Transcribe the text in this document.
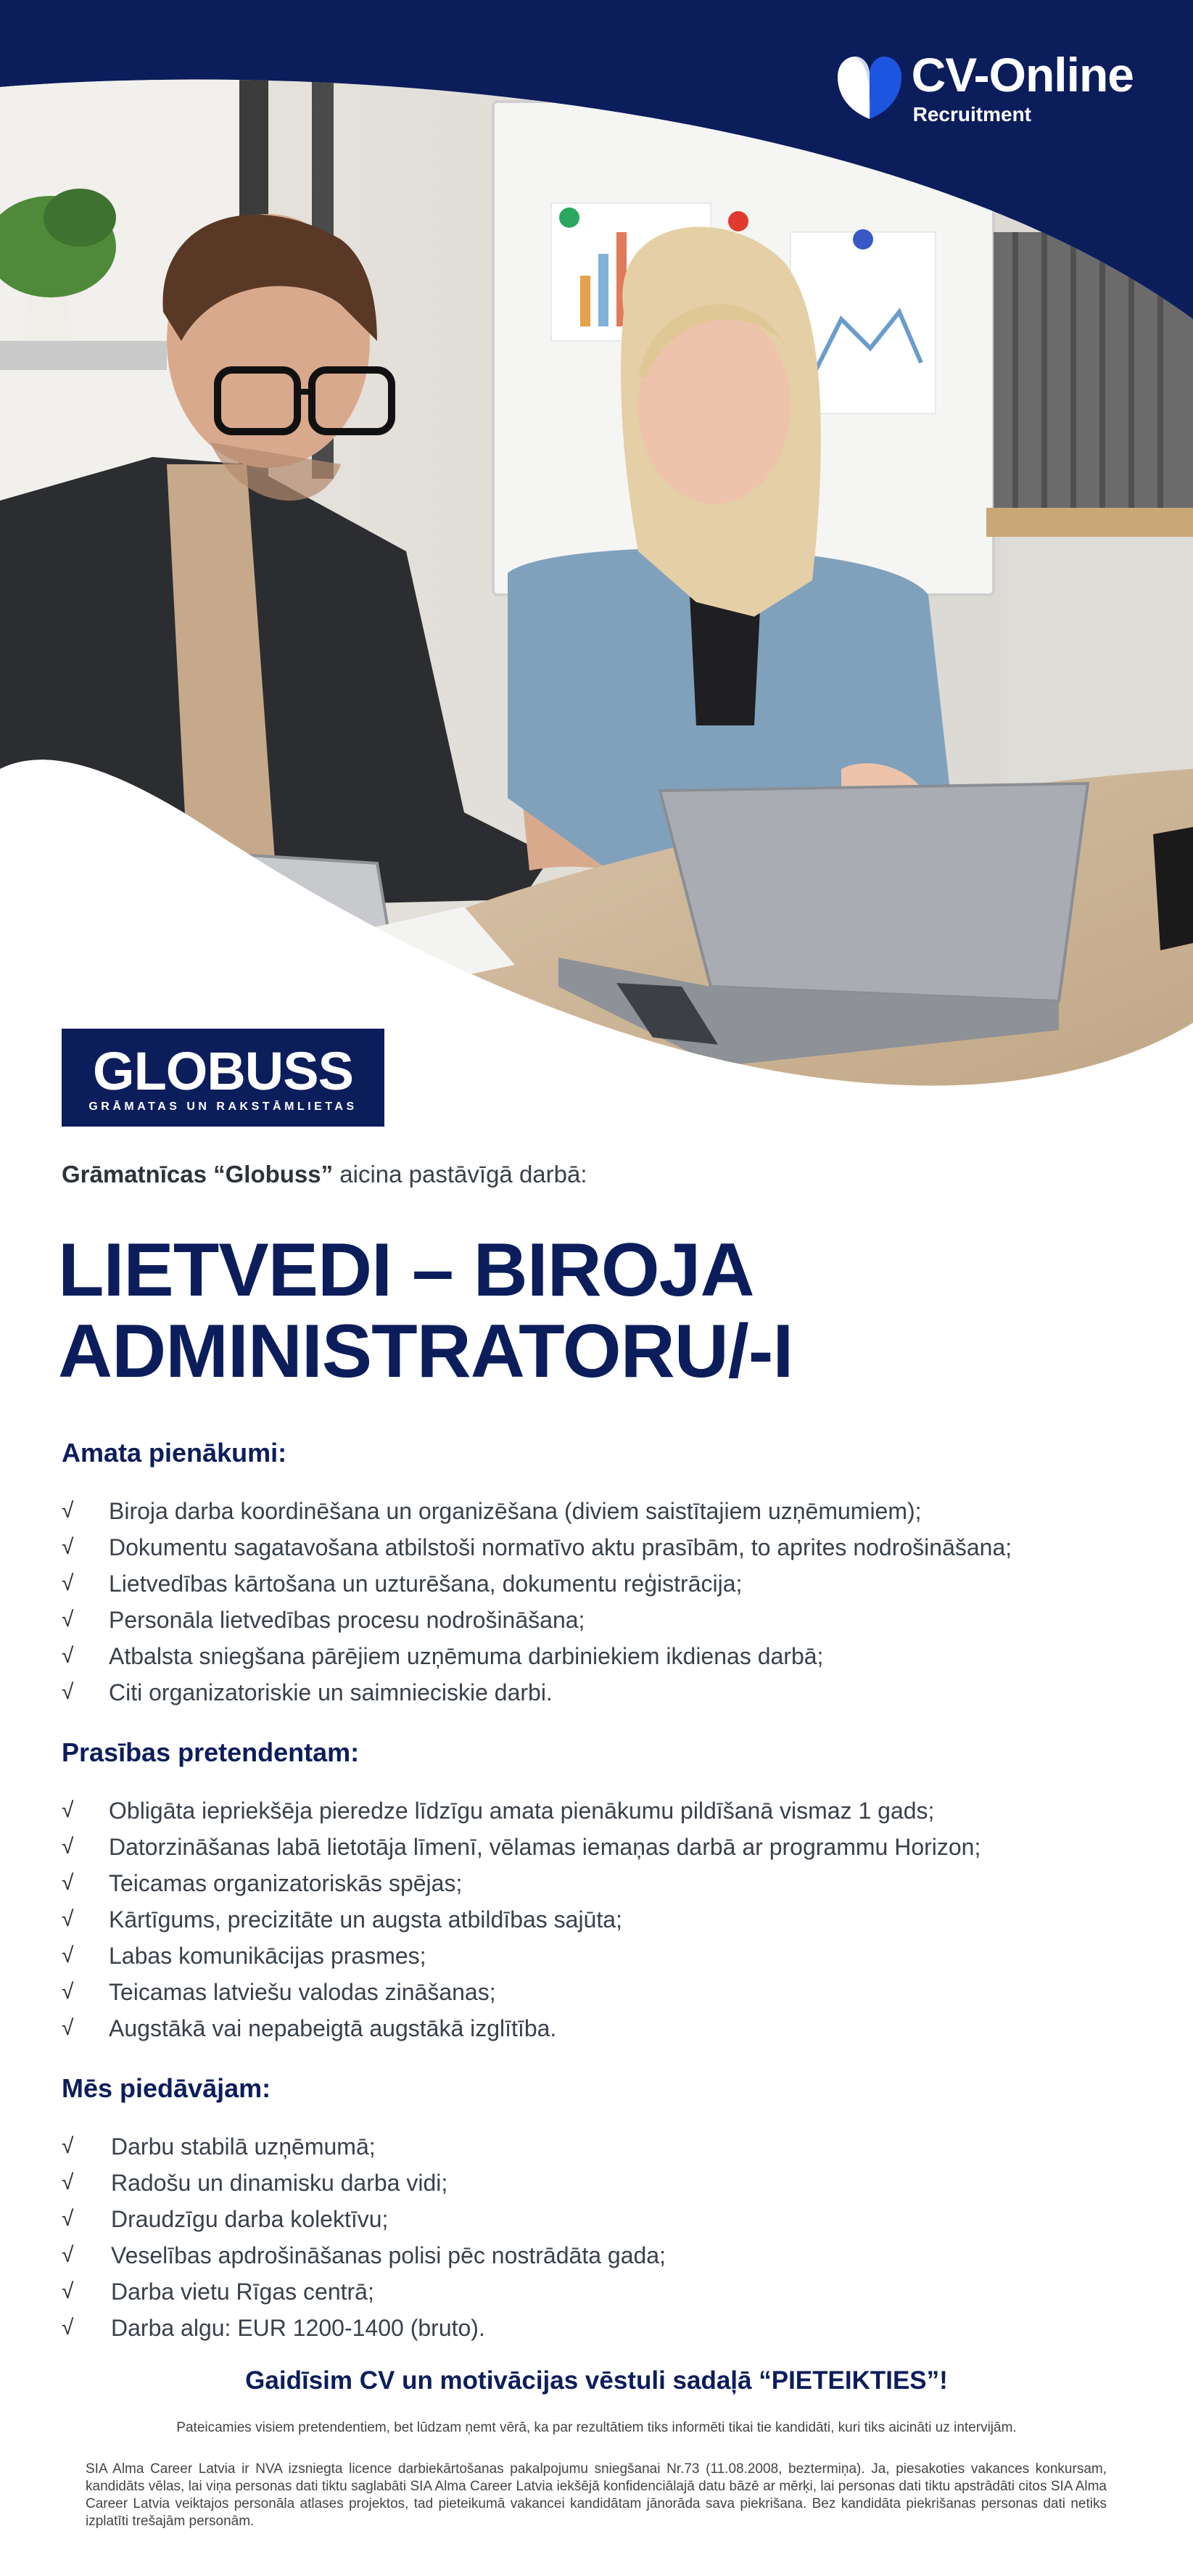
CV-Online
Recruitment
GLOBUSS
GRĀMATAS UN RAKSTĀMLIETAS
Grāmatnīcas “Globuss” aicina pastāvīgā darbā:
LIETVEDI – BIROJA
ADMINISTRATORU/-I
Amata pienākumi:
√ Biroja darba koordinēšana un organizēšana (diviem saistītajiem uzņēmumiem);
√ Dokumentu sagatavošana atbilstoši normatīvo aktu prasībām, to aprites nodrošināšana;
√ Lietvedības kārtošana un uzturēšana, dokumentu reģistrācija;
√ Personāla lietvedības procesu nodrošināšana;
√ Atbalsta sniegšana pārējiem uzņēmuma darbiniekiem ikdienas darbā;
√ Citi organizatoriskie un saimnieciskie darbi.
Prasības pretendentam:
√ Obligāta iepriekšēja pieredze līdzīgu amata pienākumu pildīšanā vismaz 1 gads;
√ Datorzināšanas labā lietotāja līmenī, vēlamas iemaņas darbā ar programmu Horizon;
√ Teicamas organizatoriskās spējas;
√ Kārtīgums, precizitāte un augsta atbildības sajūta;
√ Labas komunikācijas prasmes;
√ Teicamas latviešu valodas zināšanas;
√ Augstākā vai nepabeigtā augstākā izglītība.
Mēs piedāvājam:
√ Darbu stabilā uzņēmumā;
√ Radošu un dinamisku darba vidi;
√ Draudzīgu darba kolektīvu;
√ Veselības apdrošināšanas polisi pēc nostrādāta gada;
√ Darba vietu Rīgas centrā;
√ Darba algu: EUR 1200-1400 (bruto).
Gaidīsim CV un motivācijas vēstuli sadaļā “PIETEIKTIES”!
Pateicamies visiem pretendentiem, bet lūdzam ņemt vērā, ka par rezultātiem tiks informēti tikai tie kandidāti, kuri tiks aicināti uz intervijām.
SIA Alma Career Latvia ir NVA izsniegta licence darbiekārtošanas pakalpojumu sniegšanai Nr.73 (11.08.2008, beztermiņa). Ja, piesakoties vakances konkursam, kandidāts vēlas, lai viņa personas dati tiktu saglabāti SIA Alma Career Latvia iekšējā konfidenciālajā datu bāzē ar mērķi, lai personas dati tiktu apstrādāti citos SIA Alma Career Latvia veiktajos personāla atlases projektos, tad pieteikumā vakancei kandidātam jānorāda sava piekrišana. Bez kandidāta piekrišanas personas dati netiks izplatīti trešajām personām.
